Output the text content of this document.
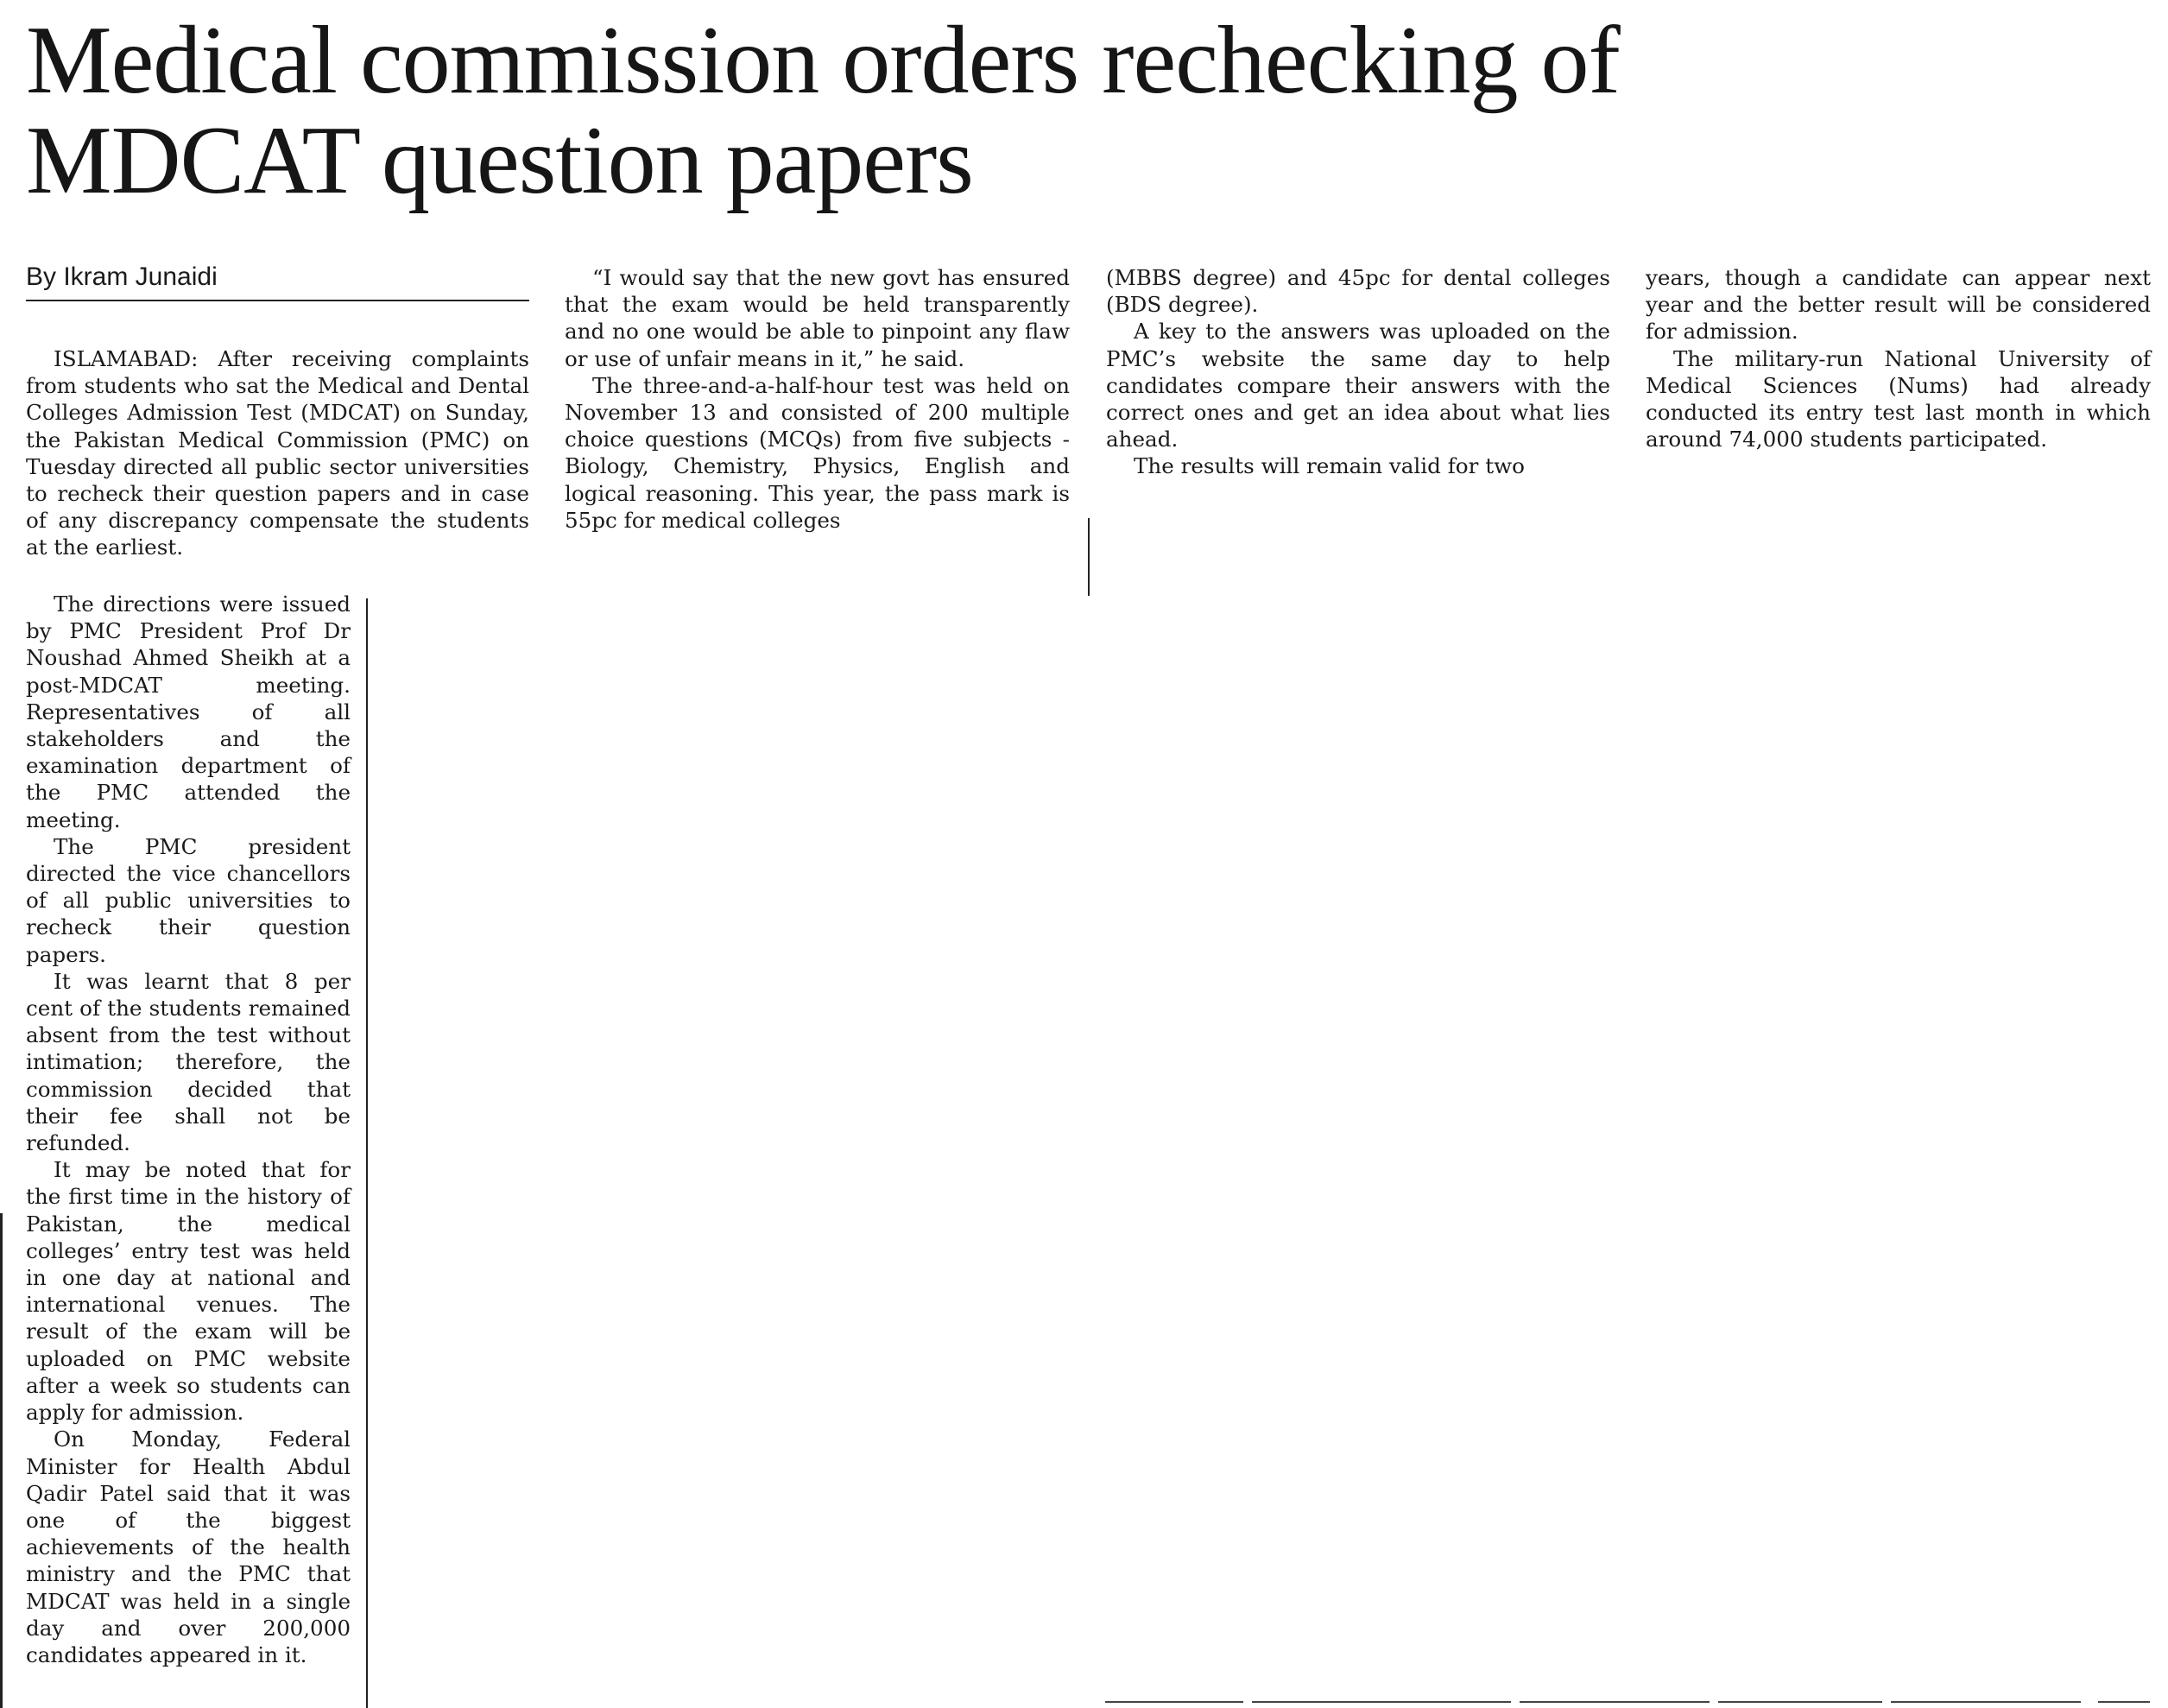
Medical commission orders rechecking of MDCAT question papers
By Ikram Junaidi

ISLAMABAD: After receiving complaints from students who sat the Medical and Dental Colleges Admission Test (MDCAT) on Sunday, the Pakistan Medical Commission (PMC) on Tuesday directed all public sector universities to recheck their question papers and in case of any discrepancy compensate the students at the earliest.

The directions were issued by PMC President Prof Dr Noushad Ahmed Sheikh at a post-MDCAT meeting. Representatives of all stakeholders and the examination department of the PMC attended the meeting.

The PMC president directed the vice chancellors of all public universities to recheck their question papers.

It was learnt that 8 per cent of the students remained absent from the test without intimation; therefore, the commission decided that their fee shall not be refunded.

It may be noted that for the first time in the history of Pakistan, the medical colleges’ entry test was held in one day at national and international venues. The result of the exam will be uploaded on PMC website after a week so students can apply for admission.

On Monday, Federal Minister for Health Abdul Qadir Patel said that it was one of the biggest achievements of the health ministry and the PMC that MDCAT was held in a single day and over 200,000 candidates appeared in it.

“I would say that the new govt has ensured that the exam would be held transparently and no one would be able to pinpoint any flaw or use of unfair means in it,” he said.

The three-and-a-half-hour test was held on November 13 and consisted of 200 multiple choice questions (MCQs) from five subjects - Biology, Chemistry, Physics, English and logical reasoning. This year, the pass mark is 55pc for medical colleges

(MBBS degree) and 45pc for dental colleges (BDS degree).

A key to the answers was uploaded on the PMC’s website the same day to help candidates compare their answers with the correct ones and get an idea about what lies ahead.

The results will remain valid for two

years, though a candidate can appear next year and the better result will be considered for admission.

The military-run National University of Medical Sciences (Nums) had already conducted its entry test last month in which around 74,000 students participated.
